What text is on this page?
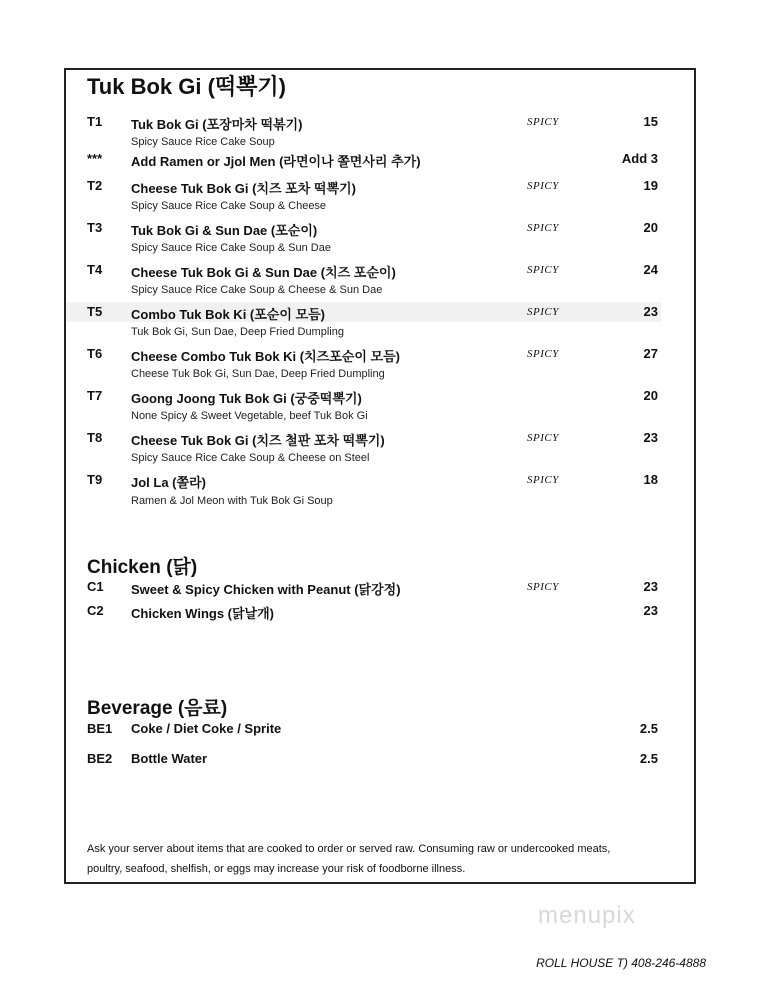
Tuk Bok Gi (떡뽁기)
T1 Tuk Bok Gi (포장마차 떡볶기)	SPICY	15
Spicy Sauce Rice Cake Soup
*** Add Ramen or Jjol Men (라면이나 쫄면사리 추가)	Add 3
T2 Cheese Tuk Bok Gi (치즈 포차 떡뽁기)	SPICY	19
Spicy Sauce Rice Cake Soup & Cheese
T3 Tuk Bok Gi & Sun Dae (포순이)	SPICY	20
Spicy Sauce Rice Cake Soup & Sun Dae
T4 Cheese Tuk Bok Gi & Sun Dae (치즈 포순이)	SPICY	24
Spicy Sauce Rice Cake Soup & Cheese & Sun Dae
T5 Combo Tuk Bok Ki (포순이 모듬)	SPICY	23
Tuk Bok Gi, Sun Dae, Deep Fried Dumpling
T6 Cheese Combo Tuk Bok Ki (치즈포순이 모듬)	SPICY	27
Cheese Tuk Bok Gi, Sun Dae, Deep Fried Dumpling
T7 Goong Joong Tuk Bok Gi (궁중떡뽁기)	20
None Spicy & Sweet Vegetable, beef Tuk Bok Gi
T8 Cheese Tuk Bok Gi (치즈 철판 포차 떡뽁기)	SPICY	23
Spicy Sauce Rice Cake Soup & Cheese on Steel
T9 Jol La (쫄라)	SPICY	18
Ramen & Jol Meon with Tuk Bok Gi Soup
Chicken (닭)
C1 Sweet & Spicy Chicken with Peanut (닭강정)	SPICY	23
C2 Chicken Wings (닭날개)	23
Beverage (음료)
BE1 Coke / Diet Coke / Sprite	2.5
BE2 Bottle Water	2.5
Ask your server about items that are cooked to order or served raw. Consuming raw or undercooked meats,
poultry, seafood, shelfish, or eggs may increase your risk of foodborne illness.
menupix
ROLL HOUSE T) 408-246-4888
